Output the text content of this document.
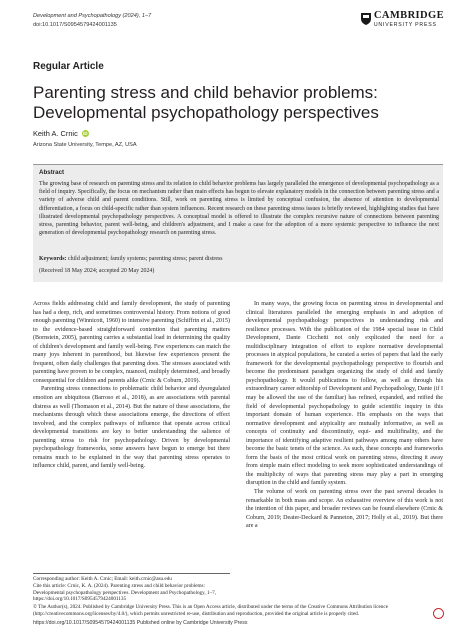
Development and Psychopathology (2024), 1–7
doi:10.1017/S0954579424001135
CAMBRIDGE
UNIVERSITY PRESS
Regular Article
Parenting stress and child behavior problems: Developmental psychopathology perspectives
Keith A. Crnic iD
Arizona State University, Tempe, AZ, USA
Abstract
The growing base of research on parenting stress and its relation to child behavior problems has largely paralleled the emergence of developmental psychopathology as a field of inquiry. Specifically, the focus on mechanism rather than main effects has begun to elevate explanatory models in the connection between parenting stress and a variety of adverse child and parent conditions. Still, work on parenting stress is limited by conceptual confusion, the absence of attention to developmental differentiation, a focus on child-specific rather than system influences. Recent research on these parenting stress issues is briefly reviewed, highlighting studies that have illustrated developmental psychopathology perspectives. A conceptual model is offered to illustrate the complex recursive nature of connections between parenting stress, parenting behavior, parent well-being, and children's adjustment, and I make a case for the adoption of a more systemic perspective to influence the next generation of developmental psychopathology research on parenting stress.
Keywords: child adjustment; family systems; parenting stress; parent distress
(Received 18 May 2024; accepted 20 May 2024)

Across fields addressing child and family development, the study of parenting has had a deep, rich, and sometimes controversial history. From notions of good enough parenting (Winnicott, 1960) to intensive parenting (Schiffrin et al., 2015) to the evidence-based straightforward contention that parenting matters (Bornstein, 2005), parenting carries a substantial load in determining the quality of children's development and family well-being. Few experiences can match the many joys inherent in parenthood, but likewise few experiences present the frequent, often daily challenges that parenting does. The stresses associated with parenting have proven to be complex, nuanced, multiply determined, and broadly consequential for children and parents alike (Crnic & Coburn, 2019).

Parenting stress connections to problematic child behavior and dysregulated emotion are ubiquitous (Barroso et al., 2018), as are associations with parental distress as well (Thomason et al., 2014). But the nature of these associations, the mechanisms through which these associations emerge, the directions of effect involved, and the complex pathways of influence that operate across critical developmental transitions are key to better understanding the salience of parenting stress to risk for psychopathology. Driven by developmental psychopathology frameworks, some answers have begun to emerge but there remains much to be explained in the way that parenting stress operates to influence child, parent, and family well-being.

In many ways, the growing focus on parenting stress in developmental and clinical literatures paralleled the emerging emphasis in and adoption of developmental psychopathology perspectives in understanding risk and resilience processes. With the publication of the 1984 special issue in Child Development, Dante Cicchetti not only explicated the need for a multidisciplinary integration of effort to explore normative developmental processes in atypical populations, he curated a series of papers that laid the early framework for the developmental psychopathology perspective to flourish and become the predominant paradigm organizing the study of child and family psychopathology. It would publications to follow, as well as through his extraordinary career editorship of Development and Psychopathology, Dante (if I may be allowed the use of the familiar) has refined, expanded, and reified the field of developmental psychopathology to guide scientific inquiry in this important domain of human experience. His emphasis on the ways that normative development and atypicality are mutually informative, as well as concepts of continuity and discontinuity, equi- and multifinality, and the importance of identifying adaptive resilient pathways among many others have become the basic tenets of the science. As such, these concepts and frameworks form the basis of the most critical work on parenting stress, directing it away from simple main effect modeling to seek more sophisticated understandings of the multiplicity of ways that parenting stress may play a part in emerging disruption in the child and family system.

The volume of work on parenting stress over the past several decades is remarkable in both mass and scope. An exhaustive overview of this work is not the intention of this paper, and broader reviews can be found elsewhere (Crnic & Coburn, 2019; Deater-Deckard & Panneton, 2017; Holly et al., 2019). But there are a

Corresponding author: Keith A. Crnic; Email: keith.crnic@asu.edu
Cite this article: Crnic, K. A. (2024). Parenting stress and child behavior problems: Developmental psychopathology perspectives. Development and Psychopathology, 1–7, https://doi.org/10.1017/S0954579424001135
© The Author(s), 2024. Published by Cambridge University Press. This is an Open Access article, distributed under the terms of the Creative Commons Attribution licence (http://creativecommons.org/licenses/by/4.0/), which permits unrestricted re-use, distribution and reproduction, provided the original article is properly cited.
https://doi.org/10.1017/S0954579424001135 Published online by Cambridge University Press
